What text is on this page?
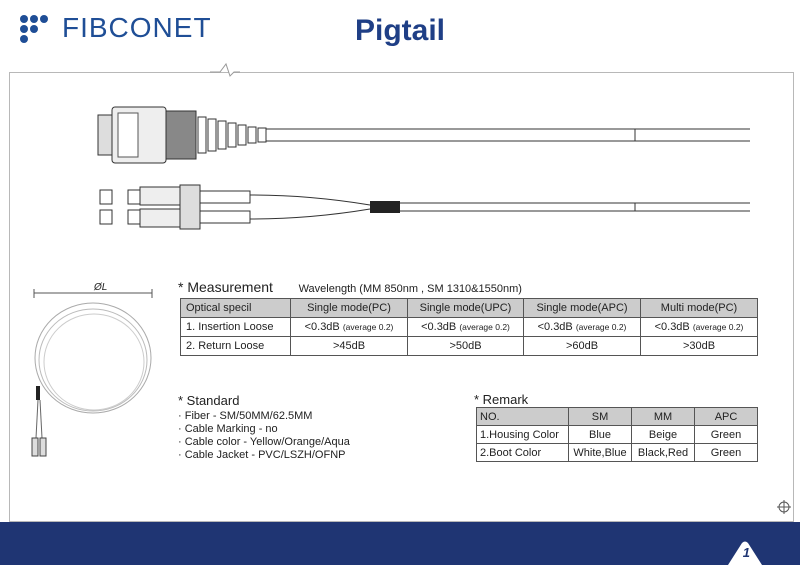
FIBCONET	Pigtail
ØL	* Measurement Wavelength (MM 850nm , SM 1310&1550nm)
Optical specil	Single mode(PC)	Single mode(UPC)	Single mode(APC)	Multi mode(PC)
1. Insertion Loose	<0.3dB (average 0.2)	<0.3dB (average 0.2)	<0.3dB (average 0.2)	<0.3dB (average 0.2)
2. Return Loose	>45dB	>50dB	>60dB	>30dB
* Standard
· Fiber - SM/50MM/62.5MM
· Cable Marking - no
· Cable color - Yellow/Orange/Aqua
· Cable Jacket - PVC/LSZH/OFNP
* Remark
NO.	SM	MM	APC
1.Housing Color	Blue	Beige	Green
2.Boot Color	White,Blue	Black,Red	Green
1
